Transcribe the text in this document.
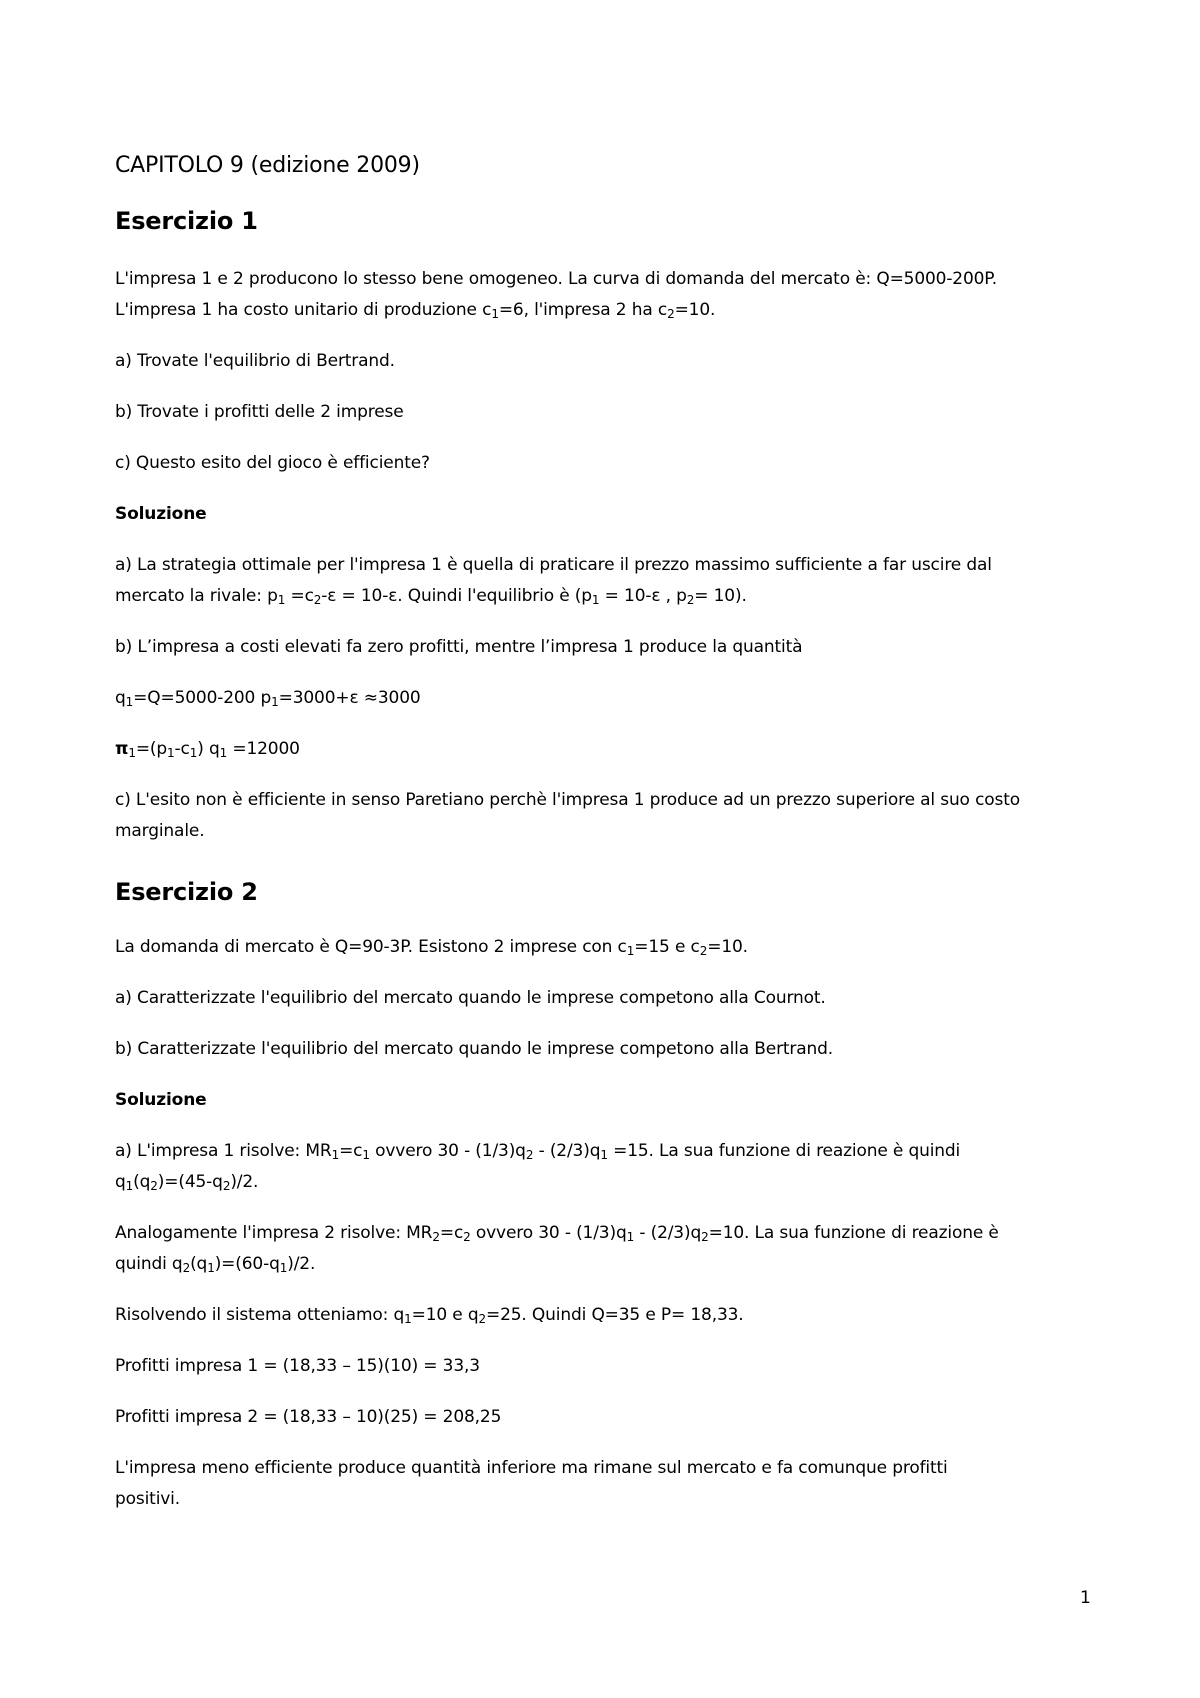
CAPITOLO 9 (edizione 2009)

Esercizio 1

L'impresa 1 e 2 producono lo stesso bene omogeneo. La curva di domanda del mercato è: Q=5000-200P.

L'impresa 1 ha costo unitario di produzione $c_1=6$, l'impresa 2 ha $c_2=10$.

a) Trovate l'equilibrio di Bertrand.

b) Trovate i profitti delle 2 imprese

c) Questo esito del gioco è efficiente?

Soluzione

a) La strategia ottimale per l'impresa 1 è quella di praticare il prezzo massimo sufficiente a far uscire dal

mercato la rivale: $p_1 =c_2-\varepsilon = 10-\varepsilon$. Quindi l'equilibrio è ($p_1 = 10-\varepsilon$ , $p_2= 10$).

b) L’impresa a costi elevati fa zero profitti, mentre l’impresa 1 produce la quantità

$q_1=Q=5000-200$ $p_1=3000+\varepsilon \approx 3000$

$\pi_1=(p_1-c_1)$ $q_1 =12000$

c) L'esito non è efficiente in senso Paretiano perchè l'impresa 1 produce ad un prezzo superiore al suo costo

marginale.

Esercizio 2

La domanda di mercato è Q=90-3P. Esistono 2 imprese con $c_1=15$ e $c_2=10$.

a) Caratterizzate l'equilibrio del mercato quando le imprese competono alla Cournot.

b) Caratterizzate l'equilibrio del mercato quando le imprese competono alla Bertrand.

Soluzione

a) L'impresa 1 risolve: $MR_1=c_1$ ovvero $30 - (1/3)q_2 - (2/3)q_1 =15$. La sua funzione di reazione è quindi

$q_1(q_2)=(45-q_2)/2$.

Analogamente l'impresa 2 risolve: $MR_2=c_2$ ovvero $30 - (1/3)q_1 - (2/3)q_2=10$. La sua funzione di reazione è

quindi $q_2(q_1)=(60-q_1)/2$.

Risolvendo il sistema otteniamo: $q_1=10$ e $q_2=25$. Quindi Q=35 e P= 18,33.

Profitti impresa 1 = (18,33 – 15)(10) = 33,3

Profitti impresa 2 = (18,33 – 10)(25) = 208,25

L'impresa meno efficiente produce quantità inferiore ma rimane sul mercato e fa comunque profitti

positivi.

1
